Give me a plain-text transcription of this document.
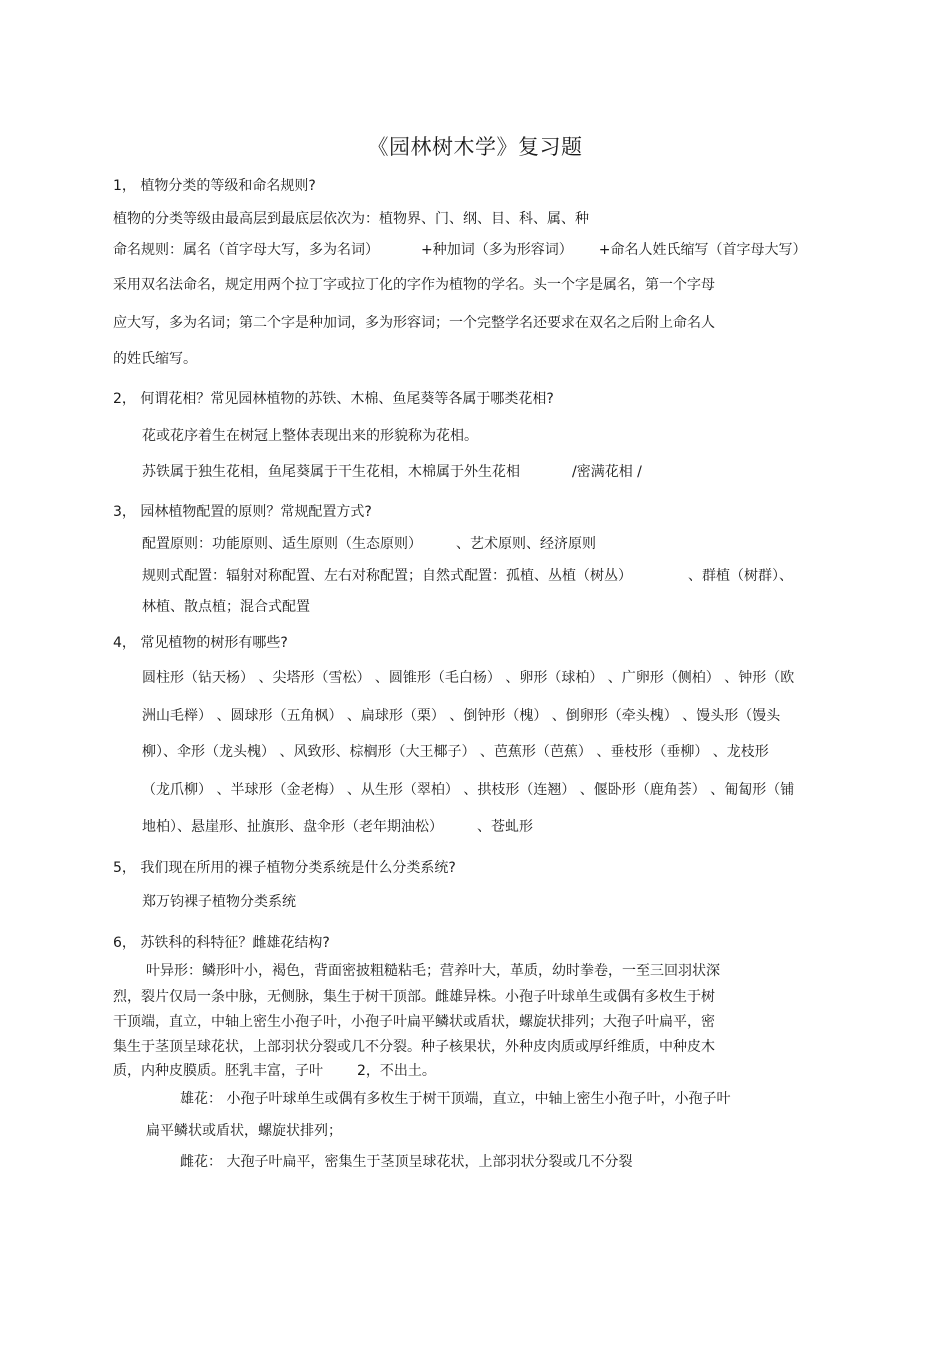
《园林树木学》复习题
1， 植物分类的等级和命名规则?
植物的分类等级由最高层到最底层依次为：植物界、门、纲、目、科、属、种
命名规则：属名（首字母大写，多为名词）	+种加词（多为形容词） +命名人姓氏缩写（首字母大写）
采用双名法命名，规定用两个拉丁字或拉丁化的字作为植物的学名。头一个字是属名，第一个字母
应大写，多为名词；第二个字是种加词，多为形容词；一个完整学名还要求在双名之后附上命名人
的姓氏缩写。
2， 何谓花相？常见园林植物的苏铁、木棉、鱼尾葵等各属于哪类花相?
花或花序着生在树冠上整体表现出来的形貌称为花相。
苏铁属于独生花相，鱼尾葵属于干生花相，木棉属于外生花相	/密满花相 /
3， 园林植物配置的原则？常规配置方式?
配置原则：功能原则、适生原则（生态原则） 、艺术原则、经济原则
规则式配置：辐射对称配置、左右对称配置；自然式配置：孤植、丛植（树丛）	、群植（树群）、
林植、散点植；混合式配置
4， 常见植物的树形有哪些?
圆柱形（钻天杨） 、尖塔形（雪松） 、圆锥形（毛白杨） 、卵形（球柏） 、广卵形（侧柏） 、钟形（欧
洲山毛榉） 、圆球形（五角枫） 、扁球形（栗） 、倒钟形（槐） 、倒卵形（牵头槐） 、馒头形（馒头
柳）、伞形（龙头槐） 、风致形、棕榈形（大王椰子） 、芭蕉形（芭蕉） 、垂枝形（垂柳） 、龙枝形
（龙爪柳） 、半球形（金老梅） 、从生形（翠柏） 、拱枝形（连翘） 、偃卧形（鹿角荟） 、匍匐形（铺
地柏）、悬崖形、扯旗形、盘伞形（老年期油松） 、苍虬形
5， 我们现在所用的裸子植物分类系统是什么分类系统?
郑万钧裸子植物分类系统
6， 苏铁科的科特征？雌雄花结构?
叶异形：鳞形叶小，褐色，背面密披粗糙粘毛；营养叶大，革质，幼时拳卷，一至三回羽状深
烈，裂片仅局一条中脉，无侧脉，集生于树干顶部。雌雄异株。小孢子叶球单生或偶有多枚生于树
干顶端，直立，中轴上密生小孢子叶，小孢子叶扁平鳞状或盾状，螺旋状排列；大孢子叶扁平，密
集生于茎顶呈球花状，上部羽状分裂或几不分裂。种子核果状，外种皮肉质或厚纤维质，中种皮木
质，内种皮膜质。胚乳丰富，子叶 2，不出土。
雄花： 小孢子叶球单生或偶有多枚生于树干顶端，直立，中轴上密生小孢子叶，小孢子叶
扁平鳞状或盾状，螺旋状排列；
雌花： 大孢子叶扁平，密集生于茎顶呈球花状，上部羽状分裂或几不分裂
